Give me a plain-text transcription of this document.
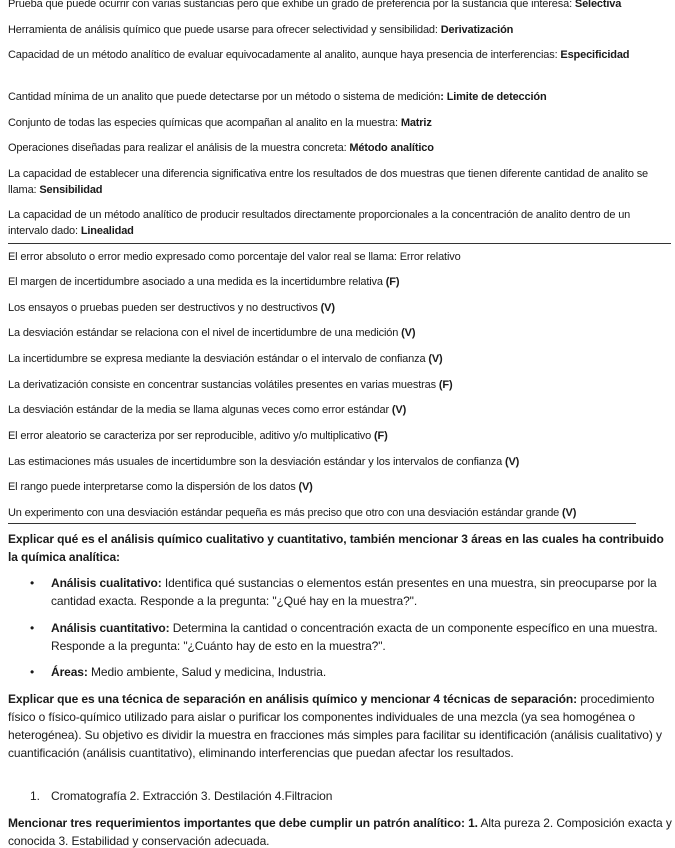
Prueba que puede ocurrir con varias sustancias pero que exhibe un grado de preferencia por la sustancia que interesa: Selectiva

Herramienta de análisis químico que puede usarse para ofrecer selectividad y sensibilidad: Derivatización

Capacidad de un método analítico de evaluar equivocadamente al analito, aunque haya presencia de interferencias: Especificidad

Cantidad mínima de un analito que puede detectarse por un método o sistema de medición: Limite de detección

Conjunto de todas las especies químicas que acompañan al analito en la muestra: Matriz

Operaciones diseñadas para realizar el análisis de la muestra concreta: Método analítico

La capacidad de establecer una diferencia significativa entre los resultados de dos muestras que tienen diferente cantidad de analito se llama: Sensibilidad

La capacidad de un método analítico de producir resultados directamente proporcionales a la concentración de analito dentro de un intervalo dado: Linealidad

El error absoluto o error medio expresado como porcentaje del valor real se llama: Error relativo

El margen de incertidumbre asociado a una medida es la incertidumbre relativa (F)

Los ensayos o pruebas pueden ser destructivos y no destructivos (V)

La desviación estándar se relaciona con el nivel de incertidumbre de una medición (V)

La incertidumbre se expresa mediante la desviación estándar o el intervalo de confianza (V)

La derivatización consiste en concentrar sustancias volátiles presentes en varias muestras (F)

La desviación estándar de la media se llama algunas veces como error estándar (V)

El error aleatorio se caracteriza por ser reproducible, aditivo y/o multiplicativo (F)

Las estimaciones más usuales de incertidumbre son la desviación estándar y los intervalos de confianza (V)

El rango puede interpretarse como la dispersión de los datos (V)

Un experimento con una desviación estándar pequeña es más preciso que otro con una desviación estándar grande (V)

Explicar qué es el análisis químico cualitativo y cuantitativo, también mencionar 3 áreas en las cuales ha contribuido la química analítica:

• Análisis cualitativo: Identifica qué sustancias o elementos están presentes en una muestra, sin preocuparse por la cantidad exacta. Responde a la pregunta: "¿Qué hay en la muestra?".

• Análisis cuantitativo: Determina la cantidad o concentración exacta de un componente específico en una muestra. Responde a la pregunta: "¿Cuánto hay de esto en la muestra?".

• Áreas: Medio ambiente, Salud y medicina, Industria.

Explicar que es una técnica de separación en análisis químico y mencionar 4 técnicas de separación: procedimiento físico o físico-químico utilizado para aislar o purificar los componentes individuales de una mezcla (ya sea homogénea o heterogénea). Su objetivo es dividir la muestra en fracciones más simples para facilitar su identificación (análisis cualitativo) y cuantificación (análisis cuantitativo), eliminando interferencias que puedan afectar los resultados.

1. Cromatografía 2. Extracción 3. Destilación 4.Filtracion

Mencionar tres requerimientos importantes que debe cumplir un patrón analítico: 1. Alta pureza 2. Composición exacta y conocida 3. Estabilidad y conservación adecuada.
